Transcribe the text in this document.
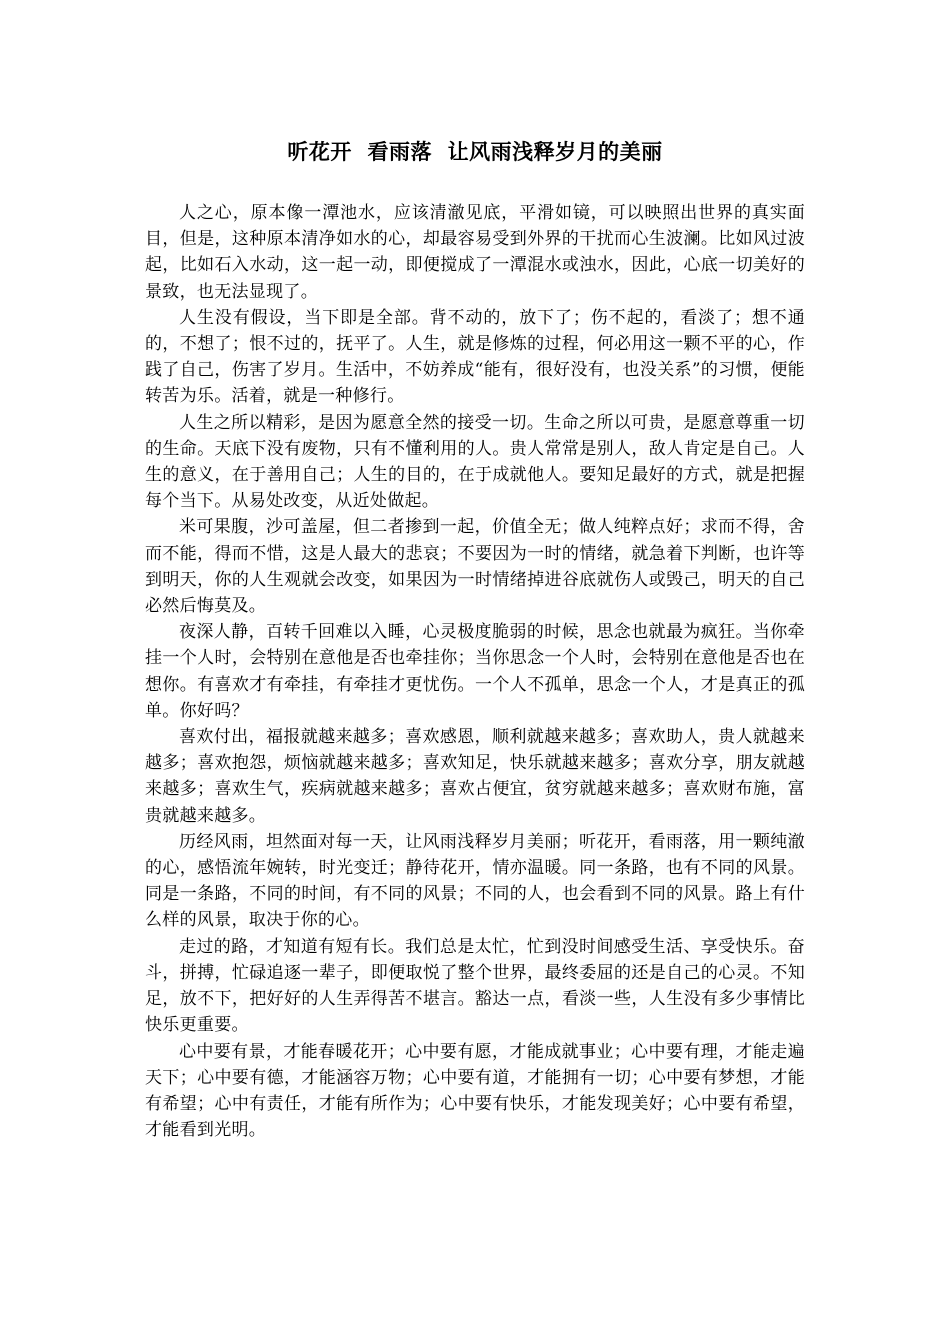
听花开  看雨落  让风雨浅释岁月的美丽

人之心，原本像一潭池水，应该清澈见底，平滑如镜，可以映照出世界的真实面目，但是，这种原本清净如水的心，却最容易受到外界的干扰而心生波澜。比如风过波起，比如石入水动，这一起一动，即便搅成了一潭混水或浊水，因此，心底一切美好的景致，也无法显现了。

人生没有假设，当下即是全部。背不动的，放下了；伤不起的，看淡了；想不通的，不想了；恨不过的，抚平了。人生，就是修炼的过程，何必用这一颗不平的心，作践了自己，伤害了岁月。生活中，不妨养成“能有，很好没有，也没关系”的习惯，便能转苦为乐。活着，就是一种修行。

人生之所以精彩，是因为愿意全然的接受一切。生命之所以可贵，是愿意尊重一切的生命。天底下没有废物，只有不懂利用的人。贵人常常是别人，敌人肯定是自己。人生的意义，在于善用自己；人生的目的，在于成就他人。要知足最好的方式，就是把握每个当下。从易处改变，从近处做起。

米可果腹，沙可盖屋，但二者掺到一起，价值全无；做人纯粹点好；求而不得，舍而不能，得而不惜，这是人最大的悲哀；不要因为一时的情绪，就急着下判断，也许等到明天，你的人生观就会改变，如果因为一时情绪掉进谷底就伤人或毁己，明天的自己必然后悔莫及。

夜深人静，百转千回难以入睡，心灵极度脆弱的时候，思念也就最为疯狂。当你牵挂一个人时，会特别在意他是否也牵挂你；当你思念一个人时，会特别在意他是否也在想你。有喜欢才有牵挂，有牵挂才更忧伤。一个人不孤单，思念一个人，才是真正的孤单。你好吗？

喜欢付出，福报就越来越多；喜欢感恩，顺利就越来越多；喜欢助人，贵人就越来越多；喜欢抱怨，烦恼就越来越多；喜欢知足，快乐就越来越多；喜欢分享，朋友就越来越多；喜欢生气，疾病就越来越多；喜欢占便宜，贫穷就越来越多；喜欢财布施，富贵就越来越多。

历经风雨，坦然面对每一天，让风雨浅释岁月美丽；听花开，看雨落，用一颗纯澈的心，感悟流年婉转，时光变迁；静待花开，情亦温暖。同一条路，也有不同的风景。同是一条路，不同的时间，有不同的风景；不同的人，也会看到不同的风景。路上有什么样的风景，取决于你的心。

走过的路，才知道有短有长。我们总是太忙，忙到没时间感受生活、享受快乐。奋斗，拼搏，忙碌追逐一辈子，即便取悦了整个世界，最终委屈的还是自己的心灵。不知足，放不下，把好好的人生弄得苦不堪言。豁达一点，看淡一些，人生没有多少事情比快乐更重要。

心中要有景，才能春暖花开；心中要有愿，才能成就事业；心中要有理，才能走遍天下；心中要有德，才能涵容万物；心中要有道，才能拥有一切；心中要有梦想，才能有希望；心中有责任，才能有所作为；心中要有快乐，才能发现美好；心中要有希望，才能看到光明。
